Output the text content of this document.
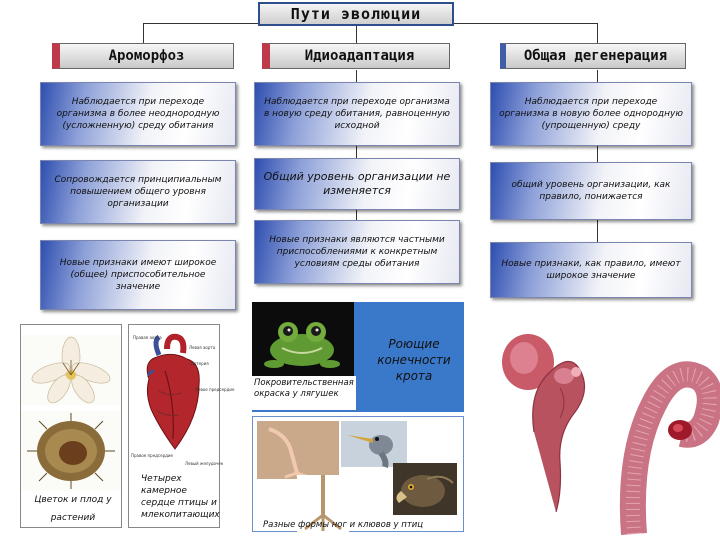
Пути эволюции
Ароморфоз	Идиоадаптация	Общая дегенерация
Наблюдается при переходе организма в более неоднородную (усложненную) среду обитания
Сопровождается принципиальным повышением общего уровня организации
Новые признаки имеют широкое (общее) приспособительное значение
Наблюдается при переходе организма в новую среду обитания, равноценную исходной
Общий уровень организации не изменяется
Новые признаки являются частными приспособлениями к конкретным условиям среды обитания
Наблюдается при переходе организма в новую более однородную (упрощенную) среду
общий уровень организации, как правило, понижается
Новые признаки, как правило, имеют широкое значение
Цветок и плод у растений
Правая аорта
Левая аорта
Артерия
Левое предсердие
Левый желудочек
Правое предсердие
Четырех камерное сердце птицы и млекопитающих
Покровительственная окраска у лягушек
Роющие конечности крота
Разные формы ног и клювов у птиц
